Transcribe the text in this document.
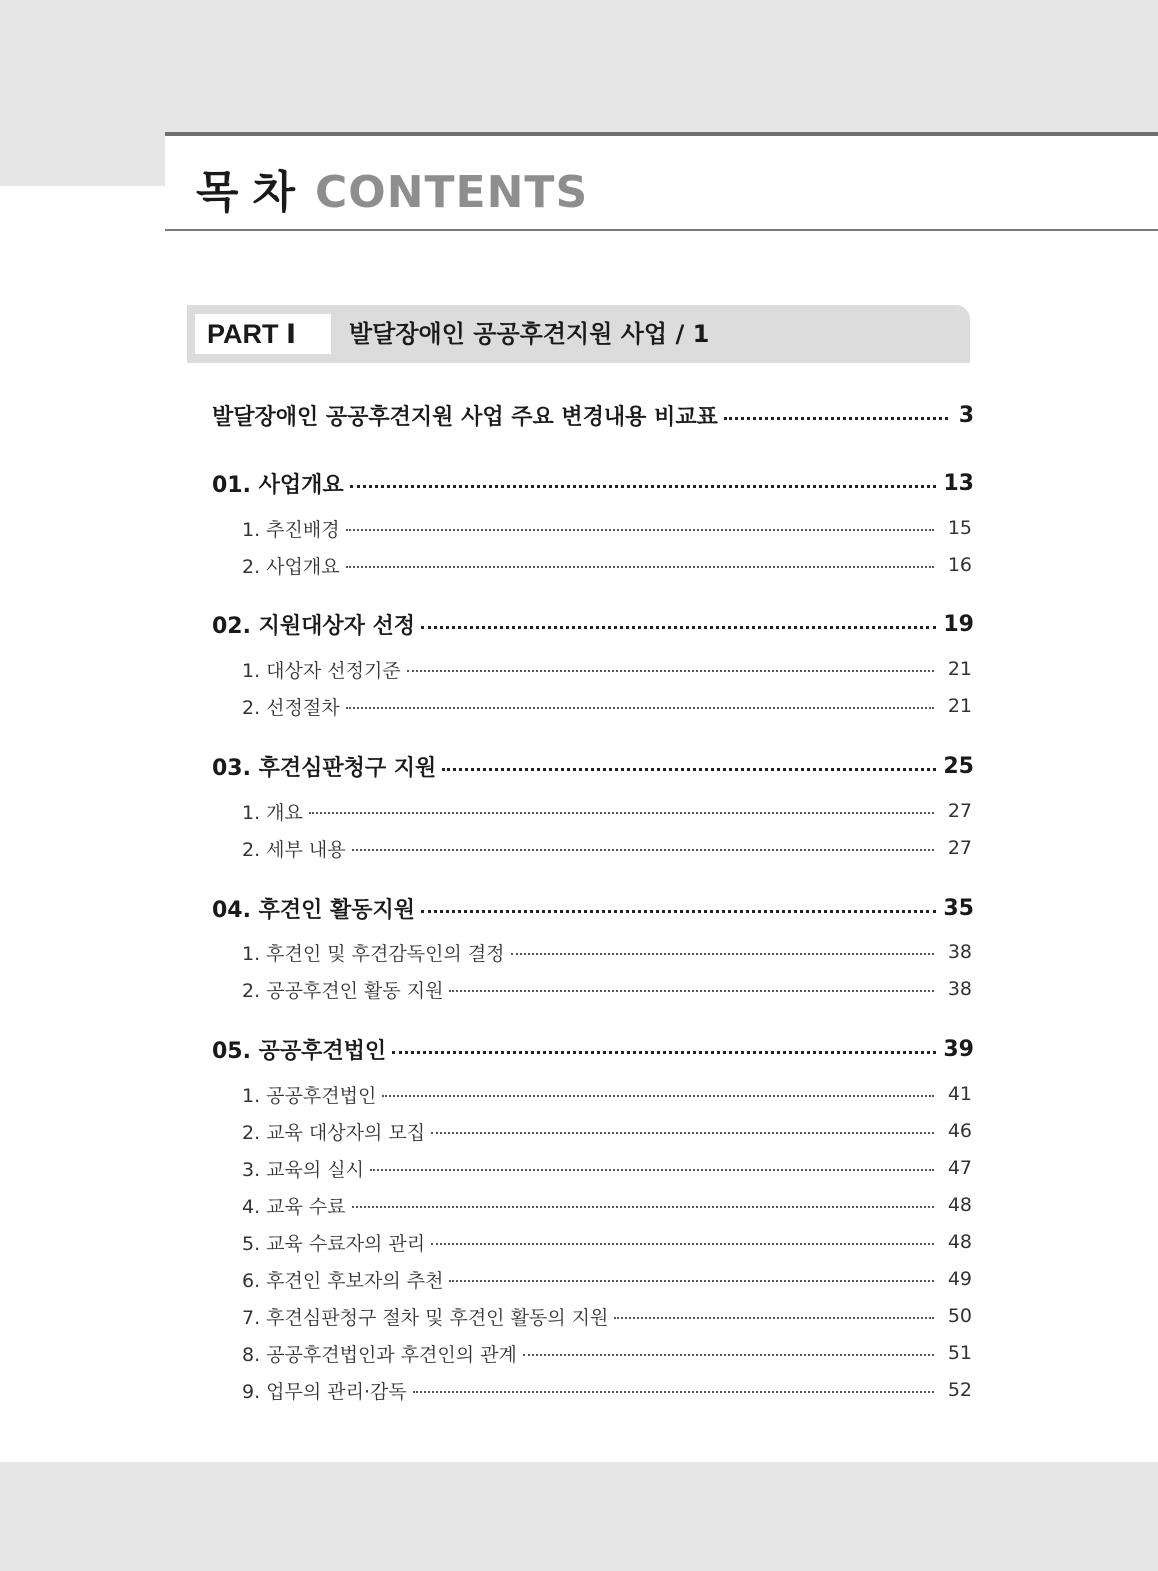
목차 CONTENTS
PART Ⅰ	발달장애인 공공후견지원 사업 / 1
발달장애인 공공후견지원 사업 주요 변경내용 비교표	3
01. 사업개요	13
1. 추진배경	15
2. 사업개요	16
02. 지원대상자 선정	19
1. 대상자 선정기준	21
2. 선정절차	21
03. 후견심판청구 지원	25
1. 개요	27
2. 세부 내용	27
04. 후견인 활동지원	35
1. 후견인 및 후견감독인의 결정	38
2. 공공후견인 활동 지원	38
05. 공공후견법인	39
1. 공공후견법인	41
2. 교육 대상자의 모집	46
3. 교육의 실시	47
4. 교육 수료	48
5. 교육 수료자의 관리	48
6. 후견인 후보자의 추천	49
7. 후견심판청구 절차 및 후견인 활동의 지원	50
8. 공공후견법인과 후견인의 관계	51
9. 업무의 관리·감독	52
